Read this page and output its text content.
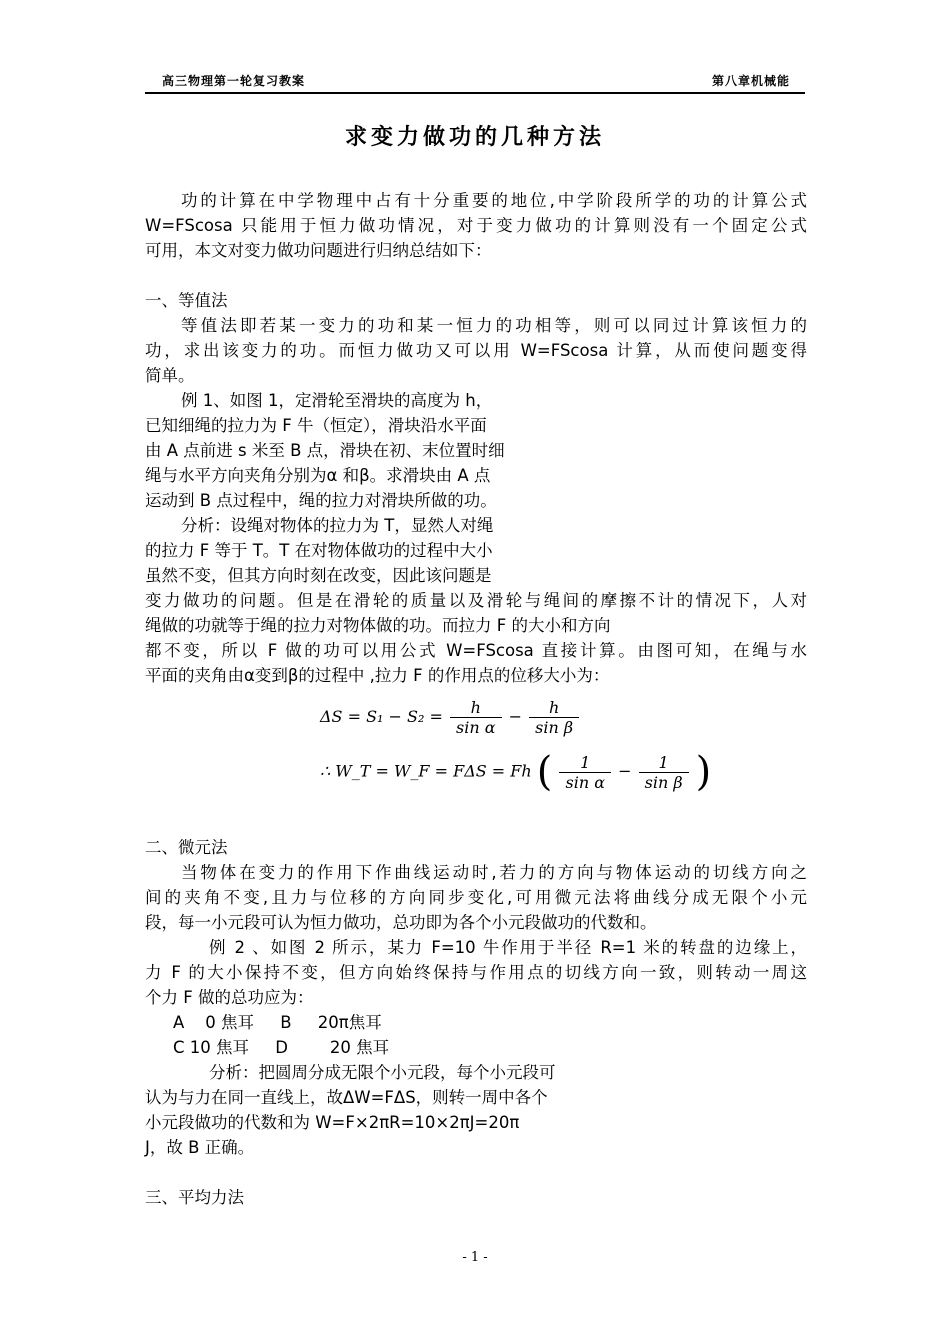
高三物理第一轮复习教案	第八章机械能
求变力做功的几种方法
功的计算在中学物理中占有十分重要的地位,中学阶段所学的功的计算公式
W=FScosa 只能用于恒力做功情况，对于变力做功的计算则没有一个固定公式
可用，本文对变力做功问题进行归纳总结如下：
一、等值法
等值法即若某一变力的功和某一恒力的功相等，则可以同过计算该恒力的
功，求出该变力的功。而恒力做功又可以用 W=FScosa 计算，从而使问题变得
简单。
例 1、如图 1，定滑轮至滑块的高度为 h，
已知细绳的拉力为 F 牛（恒定），滑块沿水平面
由 A 点前进 s 米至 B 点，滑块在初、末位置时细
绳与水平方向夹角分别为α 和β。求滑块由 A 点
运动到 B 点过程中，绳的拉力对滑块所做的功。
分析：设绳对物体的拉力为 T，显然人对绳
的拉力 F 等于 T。T 在对物体做功的过程中大小
虽然不变，但其方向时刻在改变，因此该问题是
变力做功的问题。但是在滑轮的质量以及滑轮与绳间的摩擦不计的情况下，人对
绳做的功就等于绳的拉力对物体做的功。而拉力 F 的大小和方向
都不变，所以 F 做的功可以用公式 W=FScosa 直接计算。由图可知，在绳与水
平面的夹角由α变到β的过程中 ,拉力 F 的作用点的位移大小为：
$\Delta S = S_1 - S_2 = \frac{h}{\text{sin α}} - \frac{h}{\text{sin β}}$
∴ W_T = W_F = FΔS = Fh ( $\frac{1}{\text{sin α}} - \frac{1}{\text{sin β}}$ )
二、微元法
当物体在变力的作用下作曲线运动时,若力的方向与物体运动的切线方向之
间的夹角不变,且力与位移的方向同步变化,可用微元法将曲线分成无限个小元
段，每一小元段可认为恒力做功，总功即为各个小元段做功的代数和。
例 2 、如图 2 所示，某力 F=10 牛作用于半径 R=1 米的转盘的边缘上，
力 F 的大小保持不变，但方向始终保持与作用点的切线方向一致，则转动一周这
个力 F 做的总功应为：
A    0 焦耳     B     20π焦耳
C 10 焦耳     D        20 焦耳
分析：把圆周分成无限个小元段，每个小元段可
认为与力在同一直线上，故ΔW=FΔS，则转一周中各个
小元段做功的代数和为 W=F×2πR=10×2πJ=20π
J，故 B 正确。
三、平均力法
- 1 -
